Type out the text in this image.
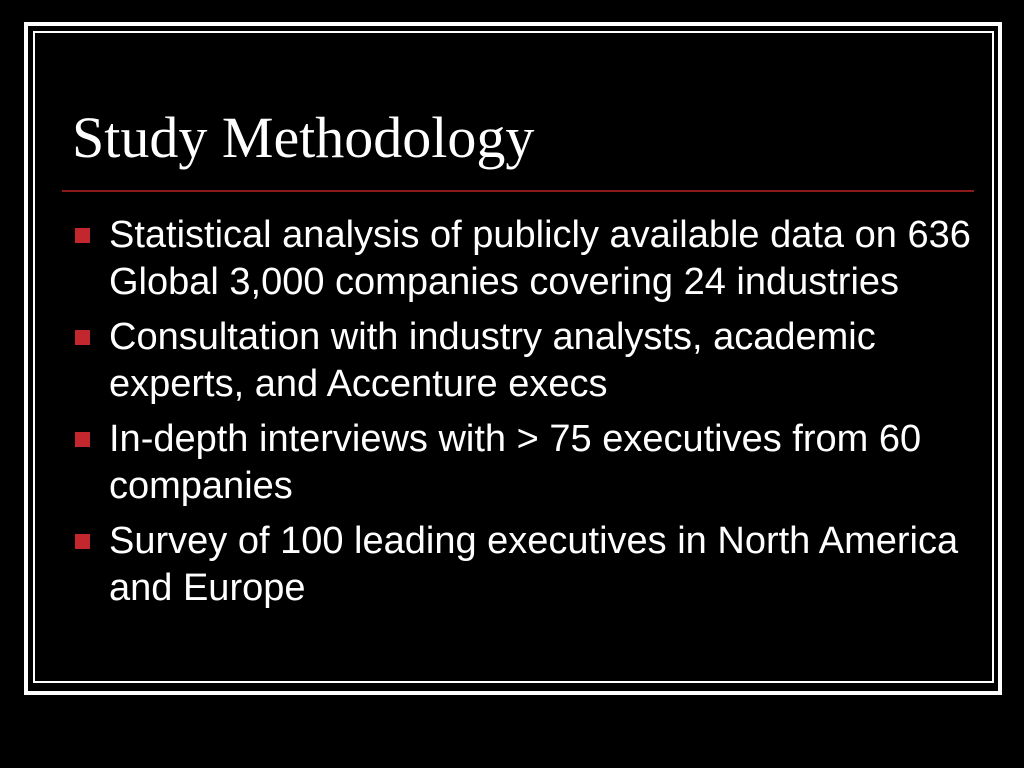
Study Methodology
Statistical analysis of publicly available data on 636 Global 3,000 companies covering 24 industries
Consultation with industry analysts, academic experts, and Accenture execs
In-depth interviews with > 75 executives from 60 companies
Survey of 100 leading executives in North America and Europe
